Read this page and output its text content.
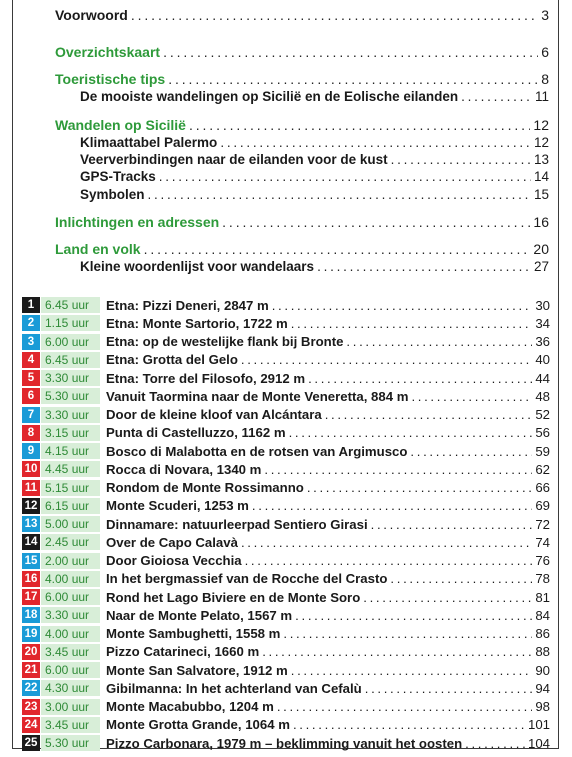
Voorwoord . . .	3
Overzichtskaart . . .	6
Toeristische tips . . .	8
De mooiste wandelingen op Sicilië en de Eolische eilanden . . .	11
Wandelen op Sicilië . . .	12
Klimaattabel Palermo . . .	12
Veerverbindingen naar de eilanden voor de kust . . .	13
GPS-Tracks . . .	14
Symbolen . . .	15
Inlichtingen en adressen . . .	16
Land en volk . . .	20
Kleine woordenlijst voor wandelaars . . .	27
1 6.45 uur	Etna: Pizzi Deneri, 2847 m . . .	30
2 1.15 uur	Etna: Monte Sartorio, 1722 m . . .	34
3 6.00 uur	Etna: op de westelijke flank bij Bronte . . .	36
4 6.45 uur	Etna: Grotta del Gelo . . .	40
5 3.30 uur	Etna: Torre del Filosofo, 2912 m . . .	44
6 5.30 uur	Vanuit Taormina naar de Monte Veneretta, 884 m . . .	48
7 3.30 uur	Door de kleine kloof van Alcántara . . .	52
8 3.15 uur	Punta di Castelluzzo, 1162 m . . .	56
9 4.15 uur	Bosco di Malabotta en de rotsen van Argimusco . . .	59
10 4.45 uur	Rocca di Novara, 1340 m . . .	62
11 5.15 uur	Rondom de Monte Rossimanno . . .	66
12 6.15 uur	Monte Scuderi, 1253 m . . .	69
13 5.00 uur	Dinnamare: natuurleerpad Sentiero Girasi . . .	72
14 2.45 uur	Over de Capo Calavà . . .	74
15 2.00 uur	Door Gioiosa Vecchia . . .	76
16 4.00 uur	In het bergmassief van de Rocche del Crasto . . .	78
17 6.00 uur	Rond het Lago Biviere en de Monte Soro . . .	81
18 3.30 uur	Naar de Monte Pelato, 1567 m . . .	84
19 4.00 uur	Monte Sambughetti, 1558 m . . .	86
20 3.45 uur	Pizzo Catarineci, 1660 m . . .	88
21 6.00 uur	Monte San Salvatore, 1912 m . . .	90
22 4.30 uur	Gibilmanna: In het achterland van Cefalù . . .	94
23 3.00 uur	Monte Macabubbo, 1204 m . . .	98
24 3.45 uur	Monte Grotta Grande, 1064 m . . .	101
25 5.30 uur	Pizzo Carbonara, 1979 m – beklimming vanuit het oosten . . .	104
